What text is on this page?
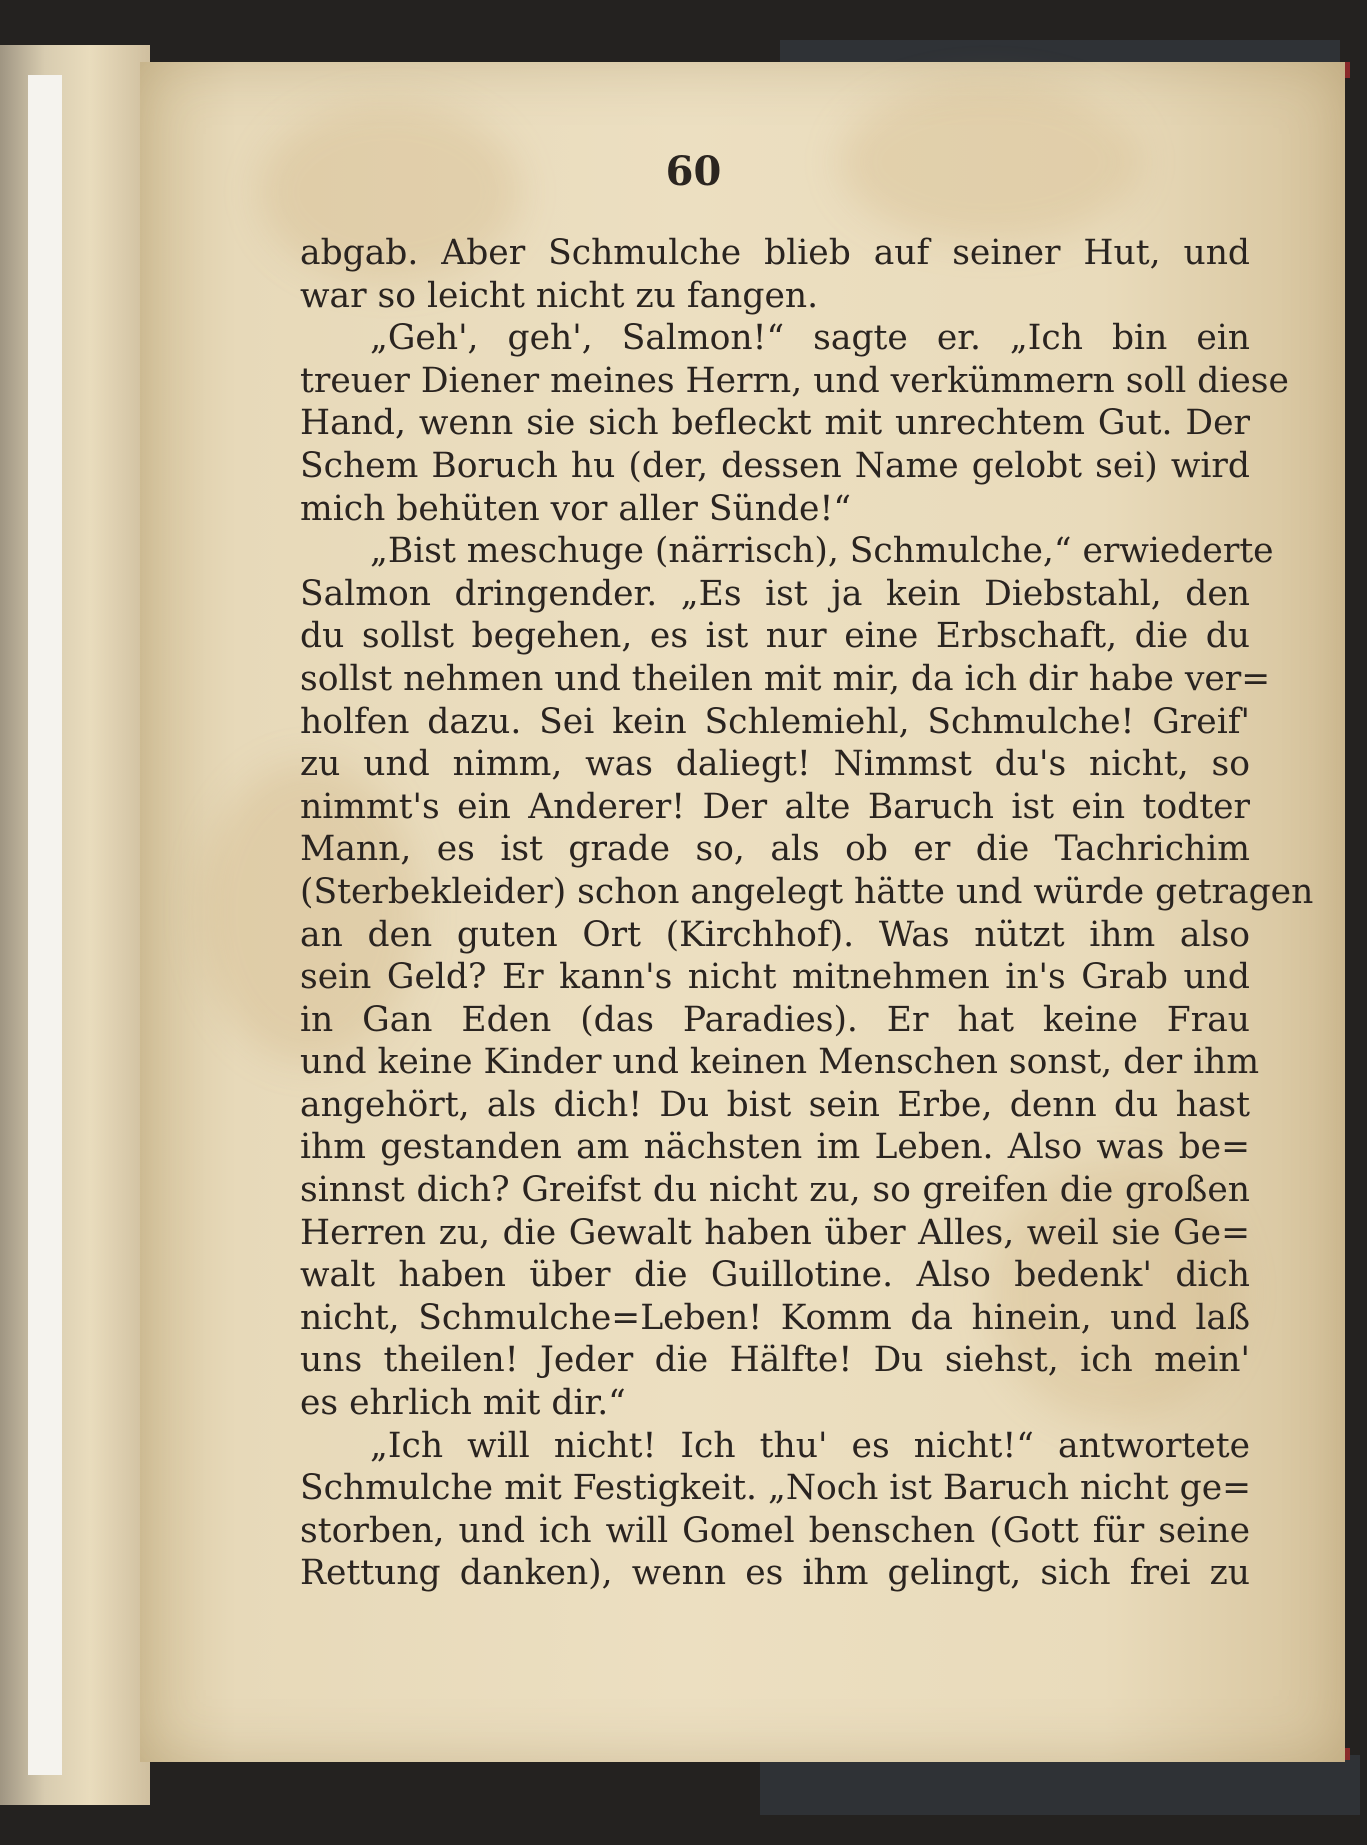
60
abgab. Aber Schmulche blieb auf seiner Hut, und
war so leicht nicht zu fangen.
„Geh', geh', Salmon!“ sagte er. „Ich bin ein
treuer Diener meines Herrn, und verkümmern soll diese
Hand, wenn sie sich befleckt mit unrechtem Gut. Der
Schem Boruch hu (der, dessen Name gelobt sei) wird
mich behüten vor aller Sünde!“
„Bist meschuge (närrisch), Schmulche,“ erwiederte
Salmon dringender. „Es ist ja kein Diebstahl, den
du sollst begehen, es ist nur eine Erbschaft, die du
sollst nehmen und theilen mit mir, da ich dir habe ver=
holfen dazu. Sei kein Schlemiehl, Schmulche! Greif'
zu und nimm, was daliegt! Nimmst du's nicht, so
nimmt's ein Anderer! Der alte Baruch ist ein todter
Mann, es ist grade so, als ob er die Tachrichim
(Sterbekleider) schon angelegt hätte und würde getragen
an den guten Ort (Kirchhof). Was nützt ihm also
sein Geld? Er kann's nicht mitnehmen in's Grab und
in Gan Eden (das Paradies). Er hat keine Frau
und keine Kinder und keinen Menschen sonst, der ihm
angehört, als dich! Du bist sein Erbe, denn du hast
ihm gestanden am nächsten im Leben. Also was be=
sinnst dich? Greifst du nicht zu, so greifen die großen
Herren zu, die Gewalt haben über Alles, weil sie Ge=
walt haben über die Guillotine. Also bedenk' dich
nicht, Schmulche=Leben! Komm da hinein, und laß
uns theilen! Jeder die Hälfte! Du siehst, ich mein'
es ehrlich mit dir.“
„Ich will nicht! Ich thu' es nicht!“ antwortete
Schmulche mit Festigkeit. „Noch ist Baruch nicht ge=
storben, und ich will Gomel benschen (Gott für seine
Rettung danken), wenn es ihm gelingt, sich frei zu
